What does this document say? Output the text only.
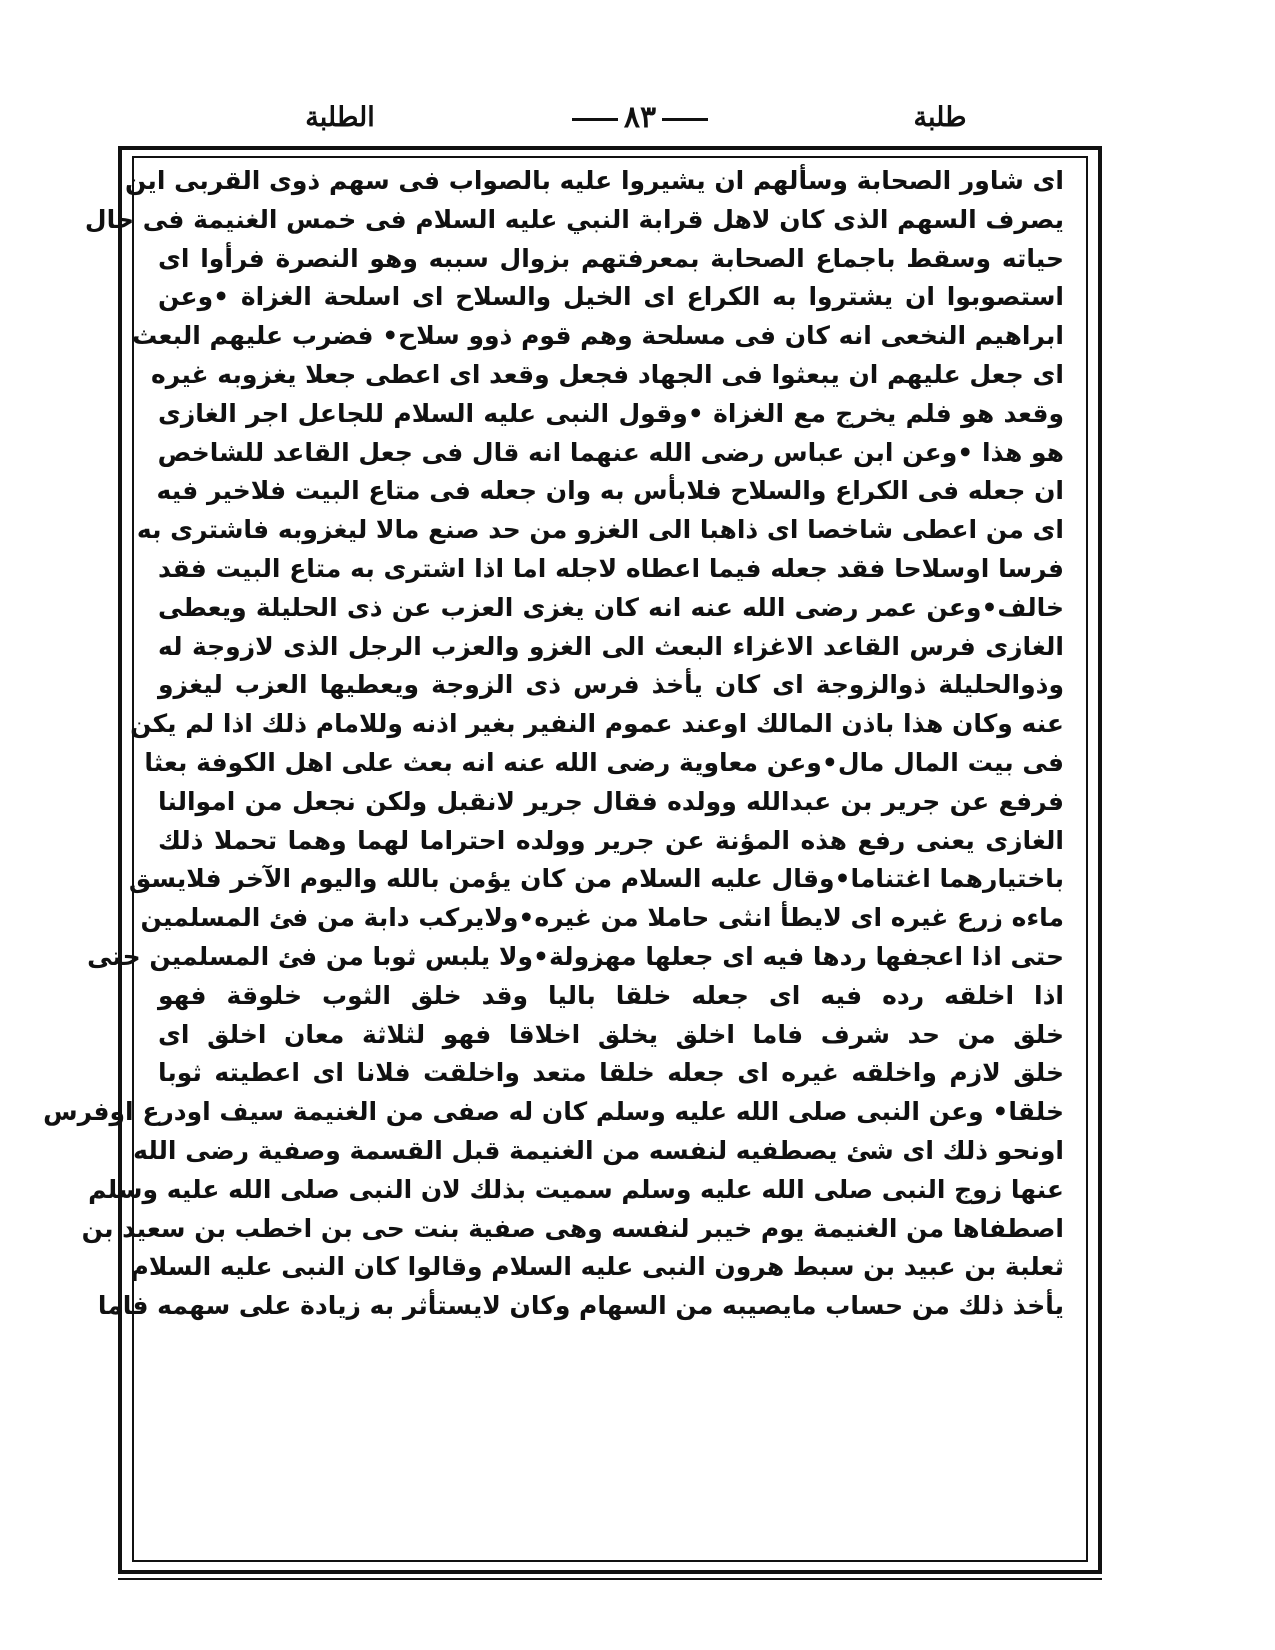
طلبة
٨٣
الطلبة
اى شاور الصحابة وسألهم ان يشيروا عليه بالصواب فى سهم ذوى القربى اين
يصرف السهم الذى كان لاهل قرابة النبي عليه السلام فى خمس الغنيمة فى حال
حياته وسقط باجماع الصحابة بمعرفتهم بزوال سببه وهو النصرة فرأوا اى
استصوبوا ان يشتروا به الكراع اى الخيل والسلاح اى اسلحة الغزاة •وعن
ابراهيم النخعى انه كان فى مسلحة وهم قوم ذوو سلاح• فضرب عليهم البعث
اى جعل عليهم ان يبعثوا فى الجهاد فجعل وقعد اى اعطى جعلا يغزوبه غيره
وقعد هو فلم يخرج مع الغزاة •وقول النبى عليه السلام للجاعل اجر الغازى
هو هذا •وعن ابن عباس رضى الله عنهما انه قال فى جعل القاعد للشاخص
ان جعله فى الكراع والسلاح فلابأس به وان جعله فى متاع البيت فلاخير فيه
اى من اعطى شاخصا اى ذاهبا الى الغزو من حد صنع مالا ليغزوبه فاشترى به
فرسا اوسلاحا فقد جعله فيما اعطاه لاجله اما اذا اشترى به متاع البيت فقد
خالف•وعن عمر رضى الله عنه انه كان يغزى العزب عن ذى الحليلة ويعطى
الغازى فرس القاعد الاغزاء البعث الى الغزو والعزب الرجل الذى لازوجة له
وذوالحليلة ذوالزوجة اى كان يأخذ فرس ذى الزوجة ويعطيها العزب ليغزو
عنه وكان هذا باذن المالك اوعند عموم النفير بغير اذنه وللامام ذلك اذا لم يكن
فى بيت المال مال•وعن معاوية رضى الله عنه انه بعث على اهل الكوفة بعثا
فرفع عن جرير بن عبدالله وولده فقال جرير لانقبل ولكن نجعل من اموالنا
الغازى يعنى رفع هذه المؤنة عن جرير وولده احتراما لهما وهما تحملا ذلك
باختيارهما اغتناما•وقال عليه السلام من كان يؤمن بالله واليوم الآخر فلايسق
ماءه زرع غيره اى لايطأ انثى حاملا من غيره•ولايركب دابة من فئ المسلمين
حتى اذا اعجفها ردها فيه اى جعلها مهزولة•ولا يلبس ثوبا من فئ المسلمين حتى
اذا اخلقه رده فيه اى جعله خلقا باليا وقد خلق الثوب خلوقة فهو
خلق من حد شرف فاما اخلق يخلق اخلاقا فهو لثلاثة معان اخلق اى
خلق لازم واخلقه غيره اى جعله خلقا متعد واخلقت فلانا اى اعطيته ثوبا
خلقا• وعن النبى صلى الله عليه وسلم كان له صفى من الغنيمة سيف اودرع اوفرس
اونحو ذلك اى شئ يصطفيه لنفسه من الغنيمة قبل القسمة وصفية رضى الله
عنها زوج النبى صلى الله عليه وسلم سميت بذلك لان النبى صلى الله عليه وسلم
اصطفاها من الغنيمة يوم خيبر لنفسه وهى صفية بنت حى بن اخطب بن سعيد بن
ثعلبة بن عبيد بن سبط هرون النبى عليه السلام وقالوا كان النبى عليه السلام
يأخذ ذلك من حساب مايصيبه من السهام وكان لايستأثر به زيادة على سهمه فاما
